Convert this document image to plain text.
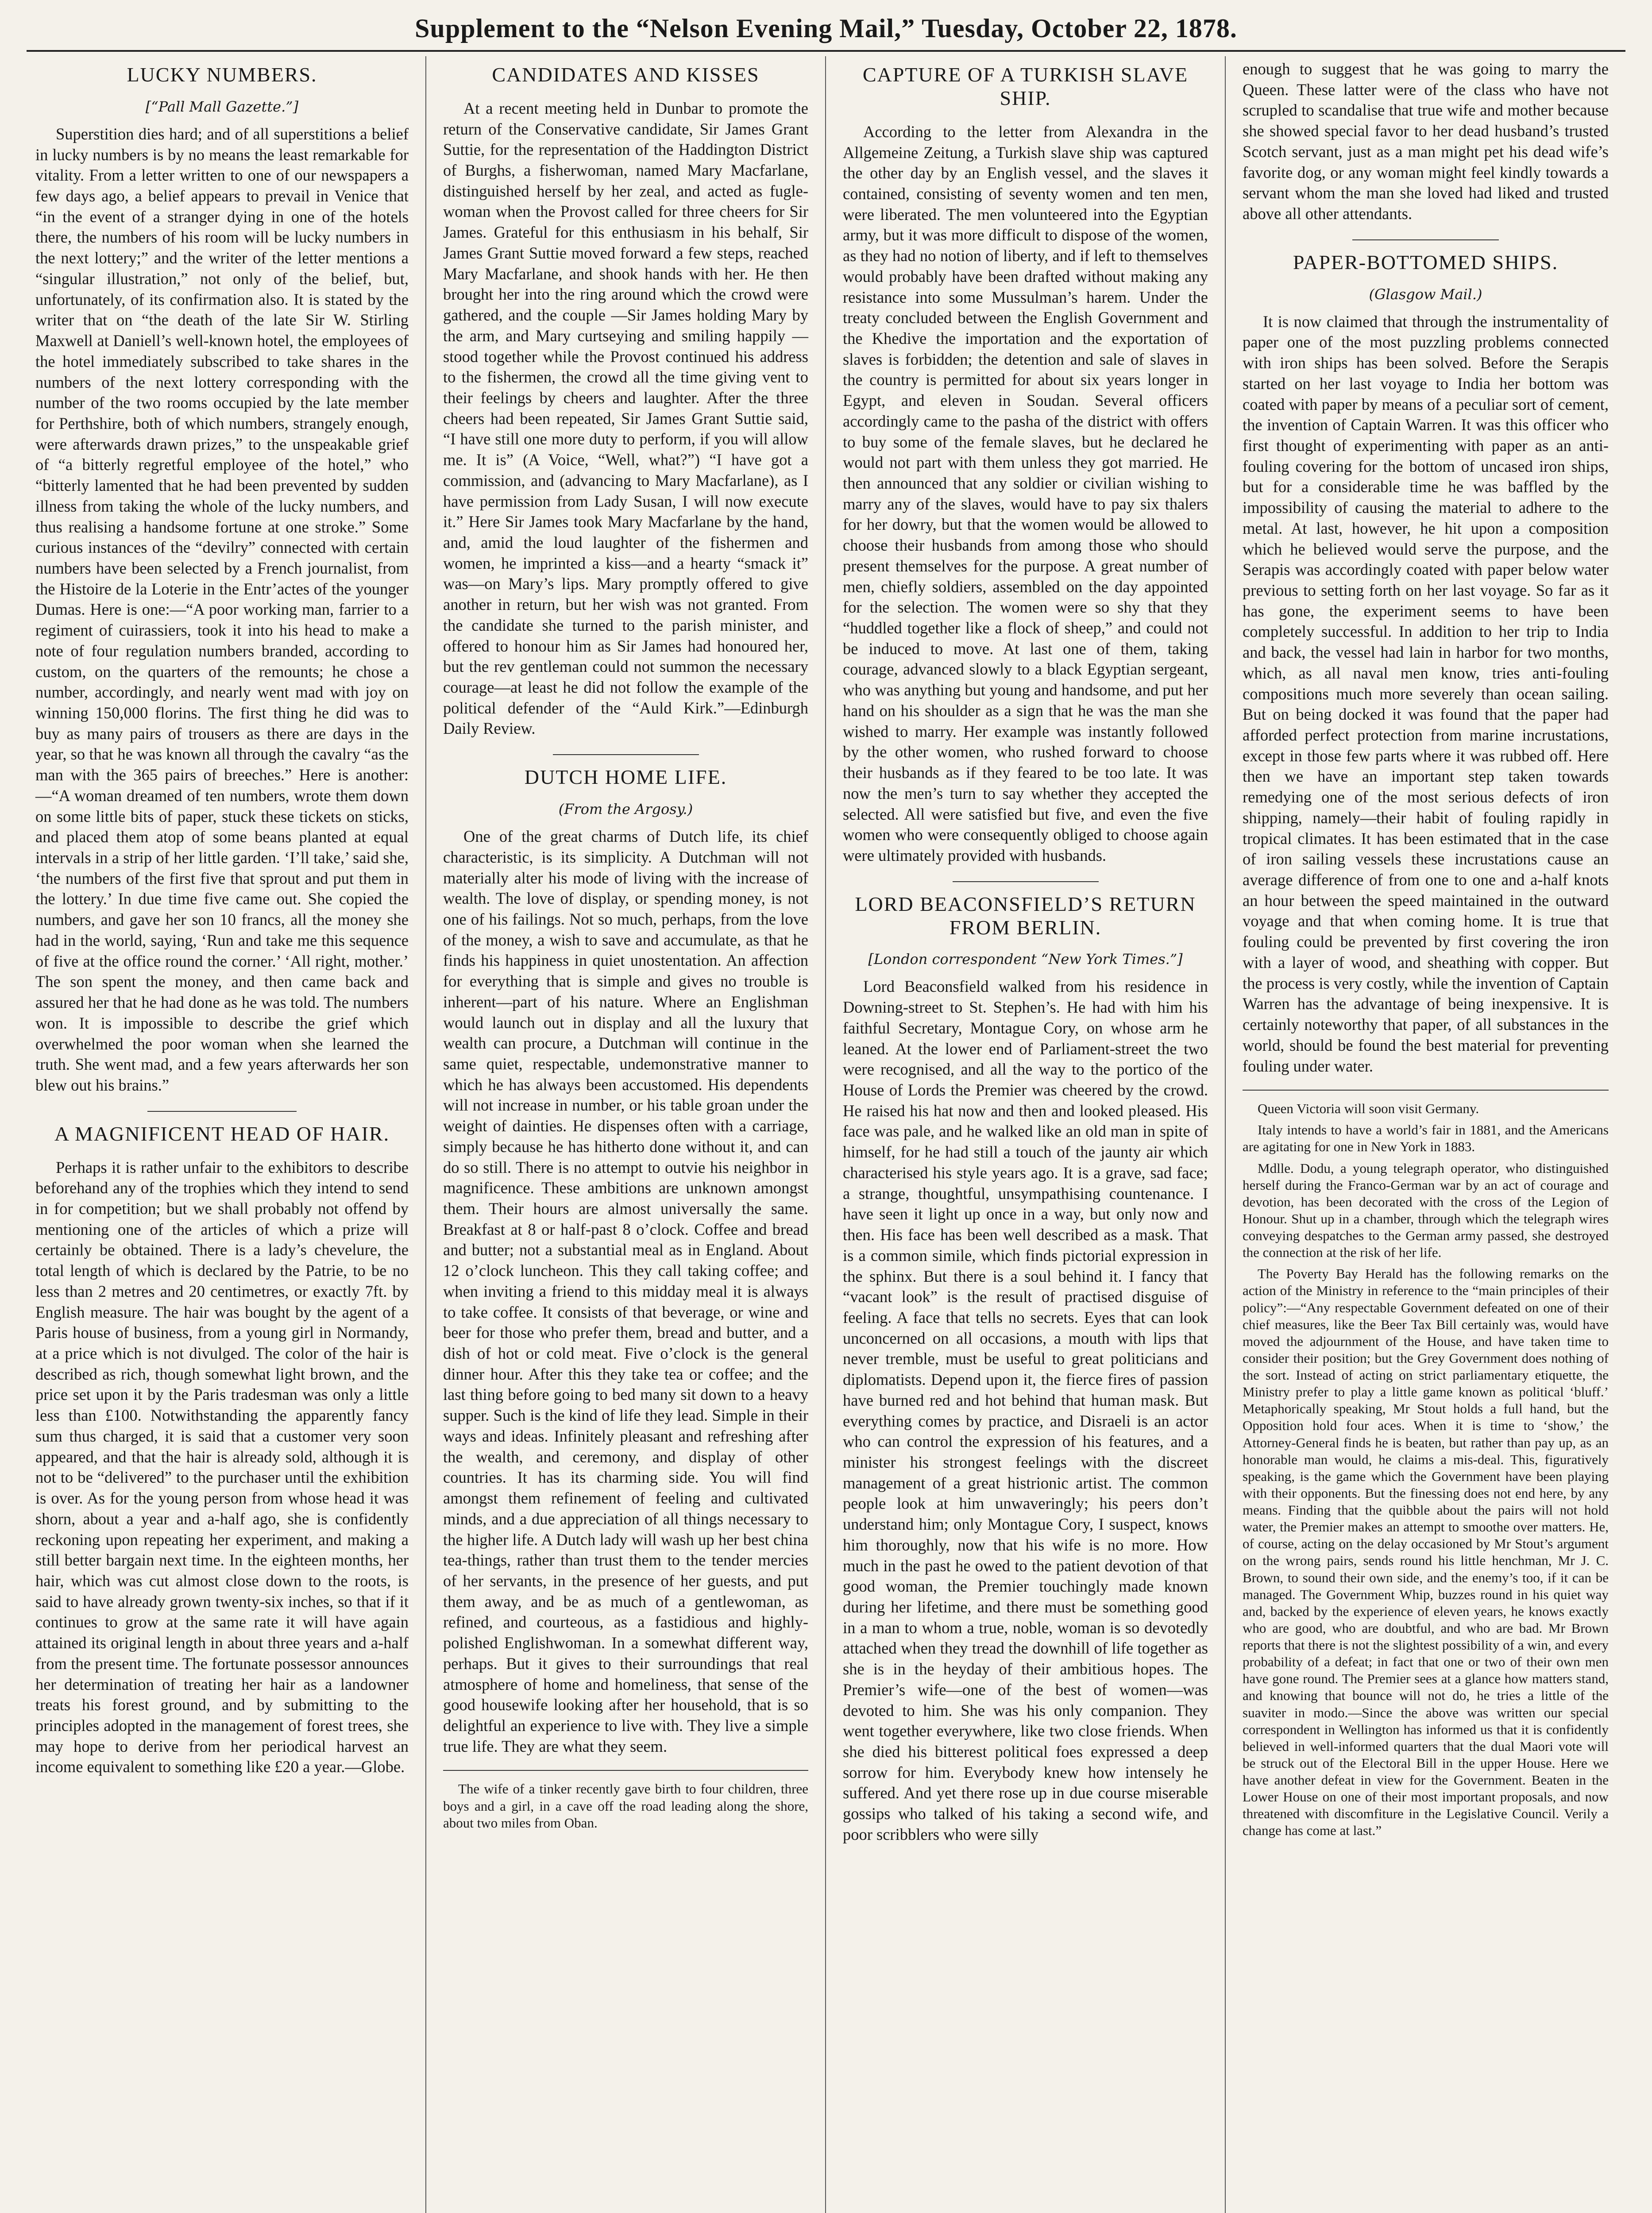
Supplement to the “Nelson Evening Mail,” Tuesday, October 22, 1878.
LUCKY NUMBERS.
[“Pall Mall Gazette.”]

Superstition dies hard; and of all superstitions a belief in lucky numbers is by no means the least remarkable for vitality. From a letter written to one of our newspapers a few days ago, a belief appears to prevail in Venice that “in the event of a stranger dying in one of the hotels there, the numbers of his room will be lucky numbers in the next lottery;” and the writer of the letter mentions a “singular illustration,” not only of the belief, but, unfortunately, of its confirmation also. It is stated by the writer that on “the death of the late Sir W. Stirling Maxwell at Daniell’s well-known hotel, the employees of the hotel immediately subscribed to take shares in the numbers of the next lottery corresponding with the number of the two rooms occupied by the late member for Perthshire, both of which numbers, strangely enough, were afterwards drawn prizes,” to the unspeakable grief of “a bitterly regretful employee of the hotel,” who “bitterly lamented that he had been prevented by sudden illness from taking the whole of the lucky numbers, and thus realising a handsome fortune at one stroke.” Some curious instances of the “devilry” connected with certain numbers have been selected by a French journalist, from the Histoire de la Loterie in the Entr’actes of the younger Dumas. Here is one:—“A poor working man, farrier to a regiment of cuirassiers, took it into his head to make a note of four regulation numbers branded, according to custom, on the quarters of the remounts; he chose a number, accordingly, and nearly went mad with joy on winning 150,000 florins. The first thing he did was to buy as many pairs of trousers as there are days in the year, so that he was known all through the cavalry “as the man with the 365 pairs of breeches.” Here is another:—“A woman dreamed of ten numbers, wrote them down on some little bits of paper, stuck these tickets on sticks, and placed them atop of some beans planted at equal intervals in a strip of her little garden. ‘I’ll take,’ said she, ‘the numbers of the first five that sprout and put them in the lottery.’ In due time five came out. She copied the numbers, and gave her son 10 francs, all the money she had in the world, saying, ‘Run and take me this sequence of five at the office round the corner.’ ‘All right, mother.’ The son spent the money, and then came back and assured her that he had done as he was told. The numbers won. It is impossible to describe the grief which overwhelmed the poor woman when she learned the truth. She went mad, and a few years afterwards her son blew out his brains.”

A MAGNIFICENT HEAD OF HAIR.

Perhaps it is rather unfair to the exhibitors to describe beforehand any of the trophies which they intend to send in for competition; but we shall probably not offend by mentioning one of the articles of which a prize will certainly be obtained. There is a lady’s chevelure, the total length of which is declared by the Patrie, to be no less than 2 metres and 20 centimetres, or exactly 7ft. by English measure. The hair was bought by the agent of a Paris house of business, from a young girl in Normandy, at a price which is not divulged. The color of the hair is described as rich, though somewhat light brown, and the price set upon it by the Paris tradesman was only a little less than £100. Notwithstanding the apparently fancy sum thus charged, it is said that a customer very soon appeared, and that the hair is already sold, although it is not to be “delivered” to the purchaser until the exhibition is over. As for the young person from whose head it was shorn, about a year and a-half ago, she is confidently reckoning upon repeating her experiment, and making a still better bargain next time. In the eighteen months, her hair, which was cut almost close down to the roots, is said to have already grown twenty-six inches, so that if it continues to grow at the same rate it will have again attained its original length in about three years and a-half from the present time. The fortunate possessor announces her determination of treating her hair as a landowner treats his forest ground, and by submitting to the principles adopted in the management of forest trees, she may hope to derive from her periodical harvest an income equivalent to something like £20 a year.—Globe.

CANDIDATES AND KISSES

At a recent meeting held in Dunbar to promote the return of the Conservative candidate, Sir James Grant Suttie, for the representation of the Haddington District of Burghs, a fisherwoman, named Mary Macfarlane, distinguished herself by her zeal, and acted as fugle-woman when the Provost called for three cheers for Sir James. Grateful for this enthusiasm in his behalf, Sir James Grant Suttie moved forward a few steps, reached Mary Macfarlane, and shook hands with her. He then brought her into the ring around which the crowd were gathered, and the couple —Sir James holding Mary by the arm, and Mary curtseying and smiling happily — stood together while the Provost continued his address to the fishermen, the crowd all the time giving vent to their feelings by cheers and laughter. After the three cheers had been repeated, Sir James Grant Suttie said, “I have still one more duty to perform, if you will allow me. It is” (A Voice, “Well, what?”) “I have got a commission, and (advancing to Mary Macfarlane), as I have permission from Lady Susan, I will now execute it.” Here Sir James took Mary Macfarlane by the hand, and, amid the loud laughter of the fishermen and women, he imprinted a kiss—and a hearty “smack it” was—on Mary’s lips. Mary promptly offered to give another in return, but her wish was not granted. From the candidate she turned to the parish minister, and offered to honour him as Sir James had honoured her, but the rev gentleman could not summon the necessary courage—at least he did not follow the example of the political defender of the “Auld Kirk.”—Edinburgh Daily Review.

DUTCH HOME LIFE.
(From the Argosy.)

One of the great charms of Dutch life, its chief characteristic, is its simplicity. A Dutchman will not materially alter his mode of living with the increase of wealth. The love of display, or spending money, is not one of his failings. Not so much, perhaps, from the love of the money, a wish to save and accumulate, as that he finds his happiness in quiet unostentation. An affection for everything that is simple and gives no trouble is inherent—part of his nature. Where an Englishman would launch out in display and all the luxury that wealth can procure, a Dutchman will continue in the same quiet, respectable, undemonstrative manner to which he has always been accustomed. His dependents will not increase in number, or his table groan under the weight of dainties. He dispenses often with a carriage, simply because he has hitherto done without it, and can do so still. There is no attempt to outvie his neighbor in magnificence. These ambitions are unknown amongst them. Their hours are almost universally the same. Breakfast at 8 or half-past 8 o’clock. Coffee and bread and butter; not a substantial meal as in England. About 12 o’clock luncheon. This they call taking coffee; and when inviting a friend to this midday meal it is always to take coffee. It consists of that beverage, or wine and beer for those who prefer them, bread and butter, and a dish of hot or cold meat. Five o’clock is the general dinner hour. After this they take tea or coffee; and the last thing before going to bed many sit down to a heavy supper. Such is the kind of life they lead. Simple in their ways and ideas. Infinitely pleasant and refreshing after the wealth, and ceremony, and display of other countries. It has its charming side. You will find amongst them refinement of feeling and cultivated minds, and a due appreciation of all things necessary to the higher life. A Dutch lady will wash up her best china tea-things, rather than trust them to the tender mercies of her servants, in the presence of her guests, and put them away, and be as much of a gentlewoman, as refined, and courteous, as a fastidious and highly-polished Englishwoman. In a somewhat different way, perhaps. But it gives to their surroundings that real atmosphere of home and homeliness, that sense of the good housewife looking after her household, that is so delightful an experience to live with. They live a simple true life. They are what they seem.

The wife of a tinker recently gave birth to four children, three boys and a girl, in a cave off the road leading along the shore, about two miles from Oban.

CAPTURE OF A TURKISH SLAVE SHIP.

According to the letter from Alexandra in the Allgemeine Zeitung, a Turkish slave ship was captured the other day by an English vessel, and the slaves it contained, consisting of seventy women and ten men, were liberated. The men volunteered into the Egyptian army, but it was more difficult to dispose of the women, as they had no notion of liberty, and if left to themselves would probably have been drafted without making any resistance into some Mussulman’s harem. Under the treaty concluded between the English Government and the Khedive the importation and the exportation of slaves is forbidden; the detention and sale of slaves in the country is permitted for about six years longer in Egypt, and eleven in Soudan. Several officers accordingly came to the pasha of the district with offers to buy some of the female slaves, but he declared he would not part with them unless they got married. He then announced that any soldier or civilian wishing to marry any of the slaves, would have to pay six thalers for her dowry, but that the women would be allowed to choose their husbands from among those who should present themselves for the purpose. A great number of men, chiefly soldiers, assembled on the day appointed for the selection. The women were so shy that they “huddled together like a flock of sheep,” and could not be induced to move. At last one of them, taking courage, advanced slowly to a black Egyptian sergeant, who was anything but young and handsome, and put her hand on his shoulder as a sign that he was the man she wished to marry. Her example was instantly followed by the other women, who rushed forward to choose their husbands as if they feared to be too late. It was now the men’s turn to say whether they accepted the selected. All were satisfied but five, and even the five women who were consequently obliged to choose again were ultimately provided with husbands.

LORD BEACONSFIELD’S RETURN FROM BERLIN.
[London correspondent “New York Times.”]

Lord Beaconsfield walked from his residence in Downing-street to St. Stephen’s. He had with him his faithful Secretary, Montague Cory, on whose arm he leaned. At the lower end of Parliament-street the two were recognised, and all the way to the portico of the House of Lords the Premier was cheered by the crowd. He raised his hat now and then and looked pleased. His face was pale, and he walked like an old man in spite of himself, for he had still a touch of the jaunty air which characterised his style years ago. It is a grave, sad face; a strange, thoughtful, unsympathising countenance. I have seen it light up once in a way, but only now and then. His face has been well described as a mask. That is a common simile, which finds pictorial expression in the sphinx. But there is a soul behind it. I fancy that “vacant look” is the result of practised disguise of feeling. A face that tells no secrets. Eyes that can look unconcerned on all occasions, a mouth with lips that never tremble, must be useful to great politicians and diplomatists. Depend upon it, the fierce fires of passion have burned red and hot behind that human mask. But everything comes by practice, and Disraeli is an actor who can control the expression of his features, and a minister his strongest feelings with the discreet management of a great histrionic artist. The common people look at him unwaveringly; his peers don’t understand him; only Montague Cory, I suspect, knows him thoroughly, now that his wife is no more. How much in the past he owed to the patient devotion of that good woman, the Premier touchingly made known during her lifetime, and there must be something good in a man to whom a true, noble, woman is so devotedly attached when they tread the downhill of life together as she is in the heyday of their ambitious hopes. The Premier’s wife—one of the best of women—was devoted to him. She was his only companion. They went together everywhere, like two close friends. When she died his bitterest political foes expressed a deep sorrow for him. Everybody knew how intensely he suffered. And yet there rose up in due course miserable gossips who talked of his taking a second wife, and poor scribblers who were silly

enough to suggest that he was going to marry the Queen. These latter were of the class who have not scrupled to scandalise that true wife and mother because she showed special favor to her dead husband’s trusted Scotch servant, just as a man might pet his dead wife’s favorite dog, or any woman might feel kindly towards a servant whom the man she loved had liked and trusted above all other attendants.

PAPER-BOTTOMED SHIPS.
(Glasgow Mail.)

It is now claimed that through the instrumentality of paper one of the most puzzling problems connected with iron ships has been solved. Before the Serapis started on her last voyage to India her bottom was coated with paper by means of a peculiar sort of cement, the invention of Captain Warren. It was this officer who first thought of experimenting with paper as an anti-fouling covering for the bottom of uncased iron ships, but for a considerable time he was baffled by the impossibility of causing the material to adhere to the metal. At last, however, he hit upon a composition which he believed would serve the purpose, and the Serapis was accordingly coated with paper below water previous to setting forth on her last voyage. So far as it has gone, the experiment seems to have been completely successful. In addition to her trip to India and back, the vessel had lain in harbor for two months, which, as all naval men know, tries anti-fouling compositions much more severely than ocean sailing. But on being docked it was found that the paper had afforded perfect protection from marine incrustations, except in those few parts where it was rubbed off. Here then we have an important step taken towards remedying one of the most serious defects of iron shipping, namely—their habit of fouling rapidly in tropical climates. It has been estimated that in the case of iron sailing vessels these incrustations cause an average difference of from one to one and a-half knots an hour between the speed maintained in the outward voyage and that when coming home. It is true that fouling could be prevented by first covering the iron with a layer of wood, and sheathing with copper. But the process is very costly, while the invention of Captain Warren has the advantage of being inexpensive. It is certainly noteworthy that paper, of all substances in the world, should be found the best material for preventing fouling under water.

Queen Victoria will soon visit Germany.

Italy intends to have a world’s fair in 1881, and the Americans are agitating for one in New York in 1883.

Mdlle. Dodu, a young telegraph operator, who distinguished herself during the Franco-German war by an act of courage and devotion, has been decorated with the cross of the Legion of Honour. Shut up in a chamber, through which the telegraph wires conveying despatches to the German army passed, she destroyed the connection at the risk of her life.

The Poverty Bay Herald has the following remarks on the action of the Ministry in reference to the “main principles of their policy”:—“Any respectable Government defeated on one of their chief measures, like the Beer Tax Bill certainly was, would have moved the adjournment of the House, and have taken time to consider their position; but the Grey Government does nothing of the sort. Instead of acting on strict parliamentary etiquette, the Ministry prefer to play a little game known as political ‘bluff.’ Metaphorically speaking, Mr Stout holds a full hand, but the Opposition hold four aces. When it is time to ‘show,’ the Attorney-General finds he is beaten, but rather than pay up, as an honorable man would, he claims a mis-deal. This, figuratively speaking, is the game which the Government have been playing with their opponents. But the finessing does not end here, by any means. Finding that the quibble about the pairs will not hold water, the Premier makes an attempt to smoothe over matters. He, of course, acting on the delay occasioned by Mr Stout’s argument on the wrong pairs, sends round his little henchman, Mr J. C. Brown, to sound their own side, and the enemy’s too, if it can be managed. The Government Whip, buzzes round in his quiet way and, backed by the experience of eleven years, he knows exactly who are good, who are doubtful, and who are bad. Mr Brown reports that there is not the slightest possibility of a win, and every probability of a defeat; in fact that one or two of their own men have gone round. The Premier sees at a glance how matters stand, and knowing that bounce will not do, he tries a little of the suaviter in modo.—Since the above was written our special correspondent in Wellington has informed us that it is confidently believed in well-informed quarters that the dual Maori vote will be struck out of the Electoral Bill in the upper House. Here we have another defeat in view for the Government. Beaten in the Lower House on one of their most important proposals, and now threatened with discomfiture in the Legislative Council. Verily a change has come at last.”
